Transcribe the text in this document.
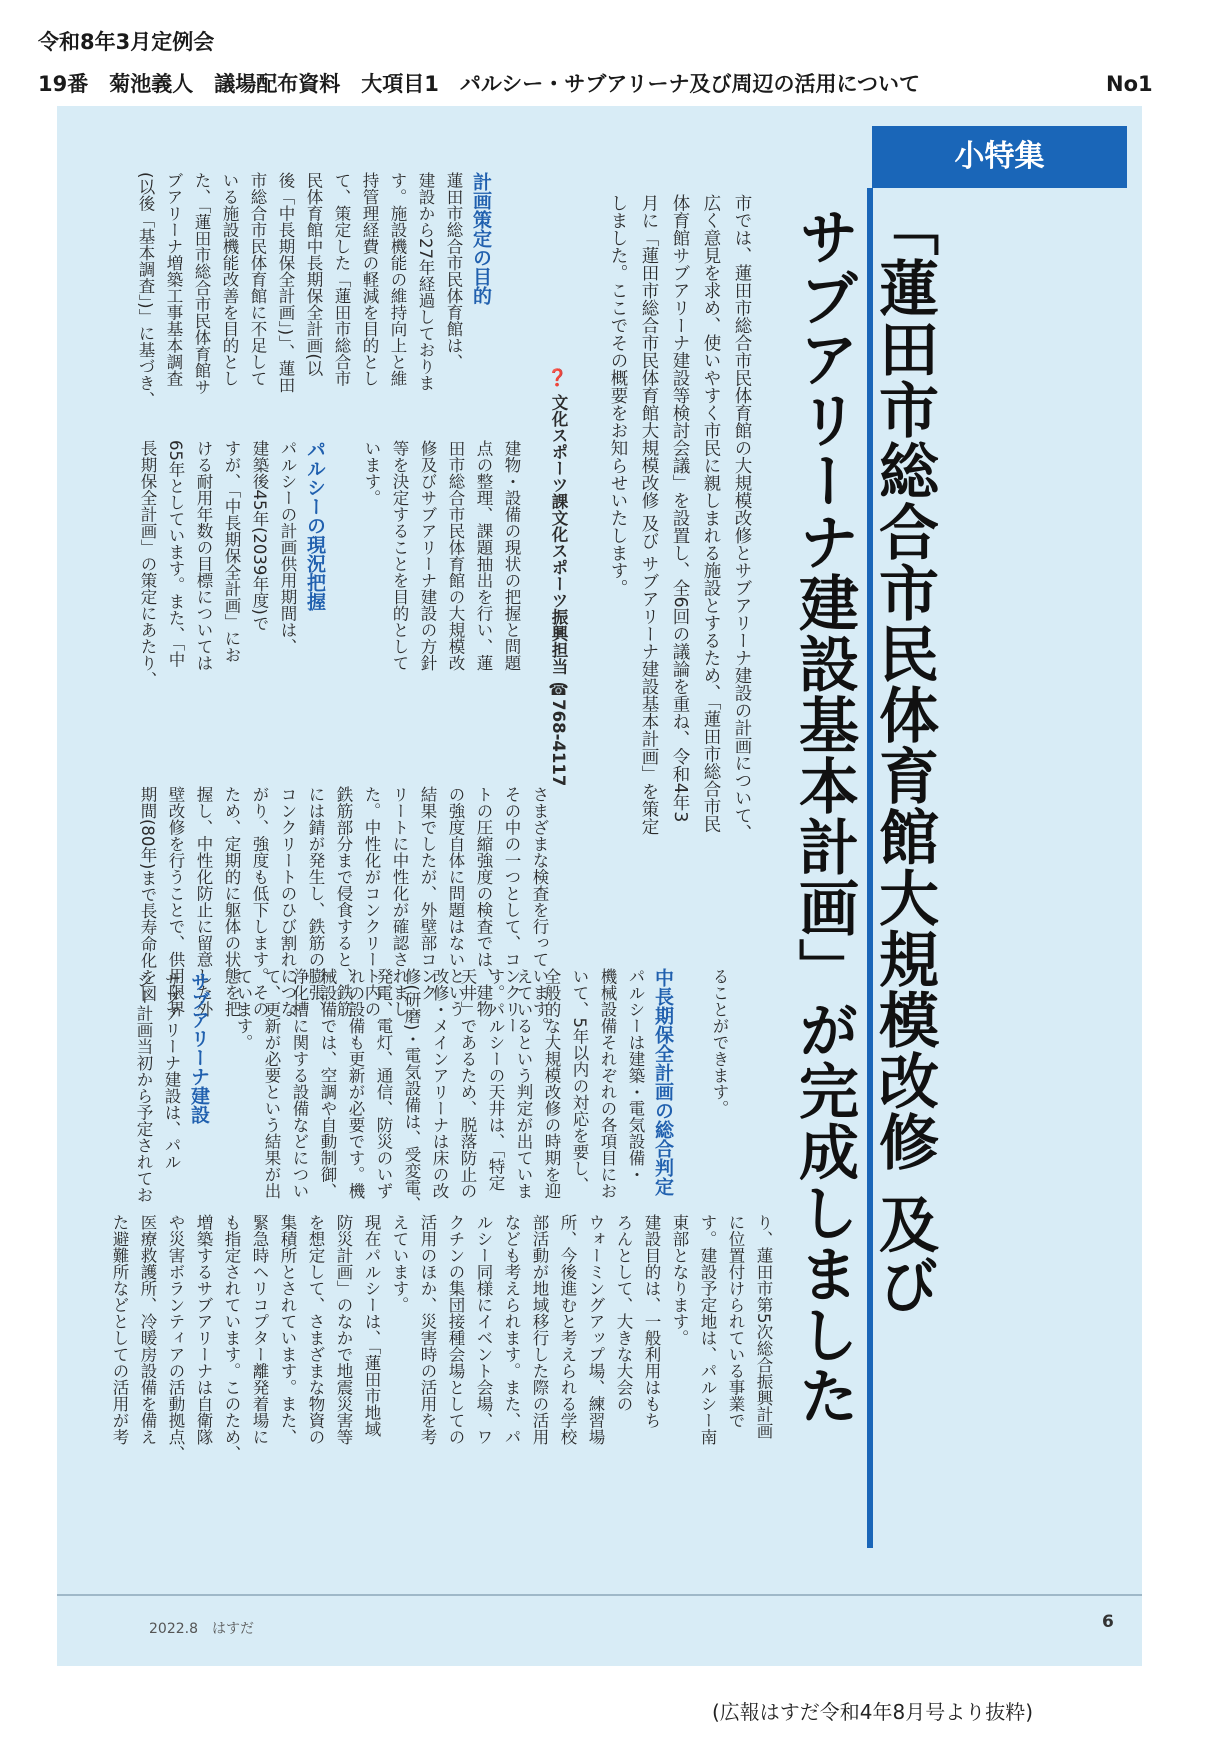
令和8年3月定例会
19番　菊池義人　議場配布資料　大項目1　パルシー・サブアリーナ及び周辺の活用について	No1
小特集
「蓮田市総合市民体育館大規模改修 及び
サブアリーナ建設基本計画」が完成しました
市では、蓮田市総合市民体育館の大規模改修とサブアリーナ建設の計画について、
広く意見を求め、使いやすく市民に親しまれる施設とするため、「蓮田市総合市民
体育館サブアリーナ建設等検討会議」を設置し、全6回の議論を重ね、令和4年3
月に「蓮田市総合市民体育館大規模改修 及び サブアリーナ建設基本計画」を策定
しました。ここでその概要をお知らせいたします。
❓ 文化スポーツ課文化スポーツ振興担当 ☎768-4117
ることができます。

中長期保全計画の総合判定
パルシーは建築・電気設備・
機械設備それぞれの各項目にお
いて、5年以内の対応を要し、
全般的な大規模改修の時期を迎
えているという判定が出ていま
す。パルシーの天井は、「特定
天井」であるため、脱落防止の
改修・メインアリーナは床の改
修(研磨)・電気設備は、受変電、
発電、電灯、通信、防災のいず
れの設備も更新が必要です。機
械設備では、空調や自動制御、
浄化槽に関する設備などについ
て、更新が必要という結果が出
ています。

建物・設備の現状の把握と問題
点の整理、課題抽出を行い、蓮
田市総合市民体育館の大規模改
修及びサブアリーナ建設の方針
等を決定することを目的として
います。

パルシーの現況把握
パルシーの計画供用期間は、
建築後45年(2039年度)で
すが、「中長期保全計画」にお
ける耐用年数の目標については
65年としています。また、「中
長期保全計画」の策定にあたり、

計画策定の目的
蓮田市総合市民体育館は、
建設から27年経過しておりま
す。施設機能の維持向上と維
持管理経費の軽減を目的とし
て、策定した「蓮田市総合市
民体育館中長期保全計画(以
後「中長期保全計画」)」、蓮田
市総合市民体育館に不足して
いる施設機能改善を目的とし
た、「蓮田市総合市民体育館サ
ブアリーナ増築工事基本調査
(以後「基本調査」)」に基づき、

り、蓮田市第5次総合振興計画
に位置付けられている事業で
す。建設予定地は、パルシー南
東部となります。
建設目的は、一般利用はもち
ろんとして、大きな大会の
ウォーミングアップ場、練習場
所、今後進むと考えられる学校
部活動が地域移行した際の活用
なども考えられます。また、パ
ルシー同様にイベント会場、ワ
クチンの集団接種会場としての
活用のほか、災害時の活用を考
えています。
現在パルシーは、「蓮田市地域
防災計画」のなかで地震災害等
を想定して、さまざまな物資の
集積所とされています。また、
緊急時ヘリコプター離発着場に
も指定されています。このため、
増築するサブアリーナは自衛隊
や災害ボランティアの活動拠点、
医療救護所、冷暖房設備を備え
た避難所などとしての活用が考

さまざまな検査を行っています。
その中の一つとして、コンクリー
トの圧縮強度の検査では、建物
の強度自体に問題はないという
結果でしたが、外壁部コンク
リートに中性化が確認されまし
た。中性化がコンクリート内の
鉄筋部分まで侵食すると、鉄筋
には錆が発生し、鉄筋の膨張、
コンクリートのひび割れにつな
がり、強度も低下します。その
ため、定期的に躯体の状態を把
握し、中性化防止に留意した外
壁改修を行うことで、供用限界
期間(80年)まで長寿命化を図

サブアリーナ建設
サブアリーナ建設は、パル
シー計画当初から予定されてお

2022.8　はすだ	6
(広報はすだ令和4年8月号より抜粋)
